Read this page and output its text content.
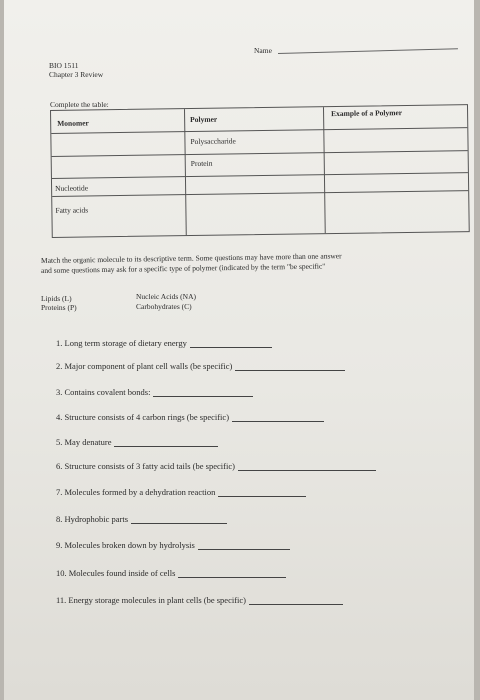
Name
BIO 1511
Chapter 3 Review
Complete the table:
Monomer	Polymer
Example of a Polymer
Polysaccharide
Protein
Nucleotide
Fatty acids
Match the organic molecule to its descriptive term. Some questions may have more than one answer
and some questions may ask for a specific type of polymer (indicated by the term "be specific"
Lipids (L)
Proteins (P)
Nucleic Acids (NA)
Carbohydrates (C)
1. Long term storage of dietary energy
2. Major component of plant cell walls (be specific)
3. Contains covalent bonds:
4. Structure consists of 4 carbon rings (be specific)
5. May denature
6. Structure consists of 3 fatty acid tails (be specific)
7. Molecules formed by a dehydration reaction
8. Hydrophobic parts
9. Molecules broken down by hydrolysis
10. Molecules found inside of cells
11. Energy storage molecules in plant cells (be specific)
